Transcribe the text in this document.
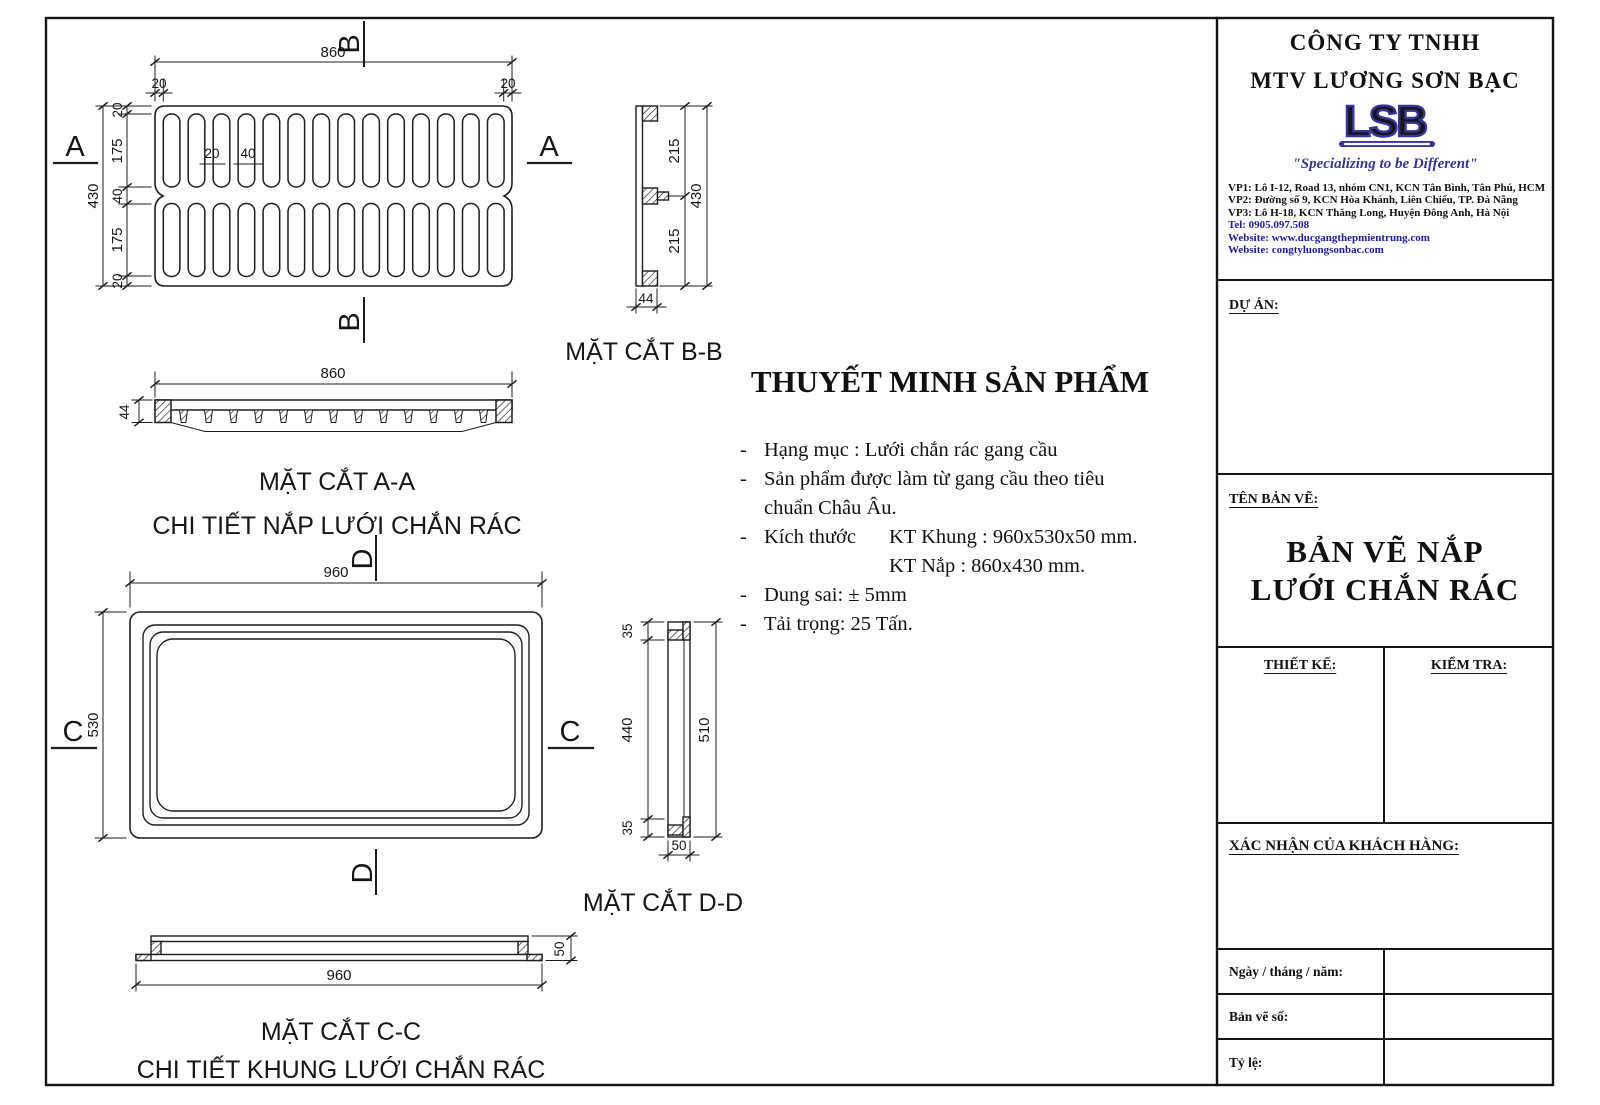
860
20	20
20
175
40
175
20
430
20 40
A	A
B
B
215
215
430
44
MẶT CẮT B-B
860
44
MẶT CẮT A-A
CHI TIẾT NẮP LƯỚI CHẮN RÁC
960
530
C	C
D
D
35
440
35
510
50
MẶT CẮT D-D
50
960
MẶT CẮT C-C
CHI TIẾT KHUNG LƯỚI CHẮN RÁC
THUYẾT MINH SẢN PHẨM
- Hạng mục : Lưới chắn rác gang cầu
- Sản phẩm được làm từ gang cầu theo tiêu
chuẩn Châu Âu.
- Kích thước	KT Khung : 960x530x50 mm.
KT Nắp : 860x430 mm.
- Dung sai: ± 5mm
- Tải trọng: 25 Tấn.
CÔNG TY TNHH
MTV LƯƠNG SƠN BẠC
LSB
"Specializing to be Different"
VP1: Lô I-12, Road 13, nhóm CN1, KCN Tân Bình, Tân Phú, HCM
VP2: Đường số 9, KCN Hòa Khánh, Liên Chiểu, TP. Đà Nẵng
VP3: Lô H-18, KCN Thăng Long, Huyện Đông Anh, Hà Nội
Tel: 0905.097.508
Website: www.ducgangthepmientrung.com
Website: congtyluongsonbac.com
DỰ ÁN:
TÊN BẢN VẼ:
BẢN VẼ NẮP
LƯỚI CHẮN RÁC
THIẾT KẾ:	KIỂM TRA:
XÁC NHẬN CỦA KHÁCH HÀNG:
Ngày / tháng / năm:
Bản vẽ số:
Tỷ lệ:
